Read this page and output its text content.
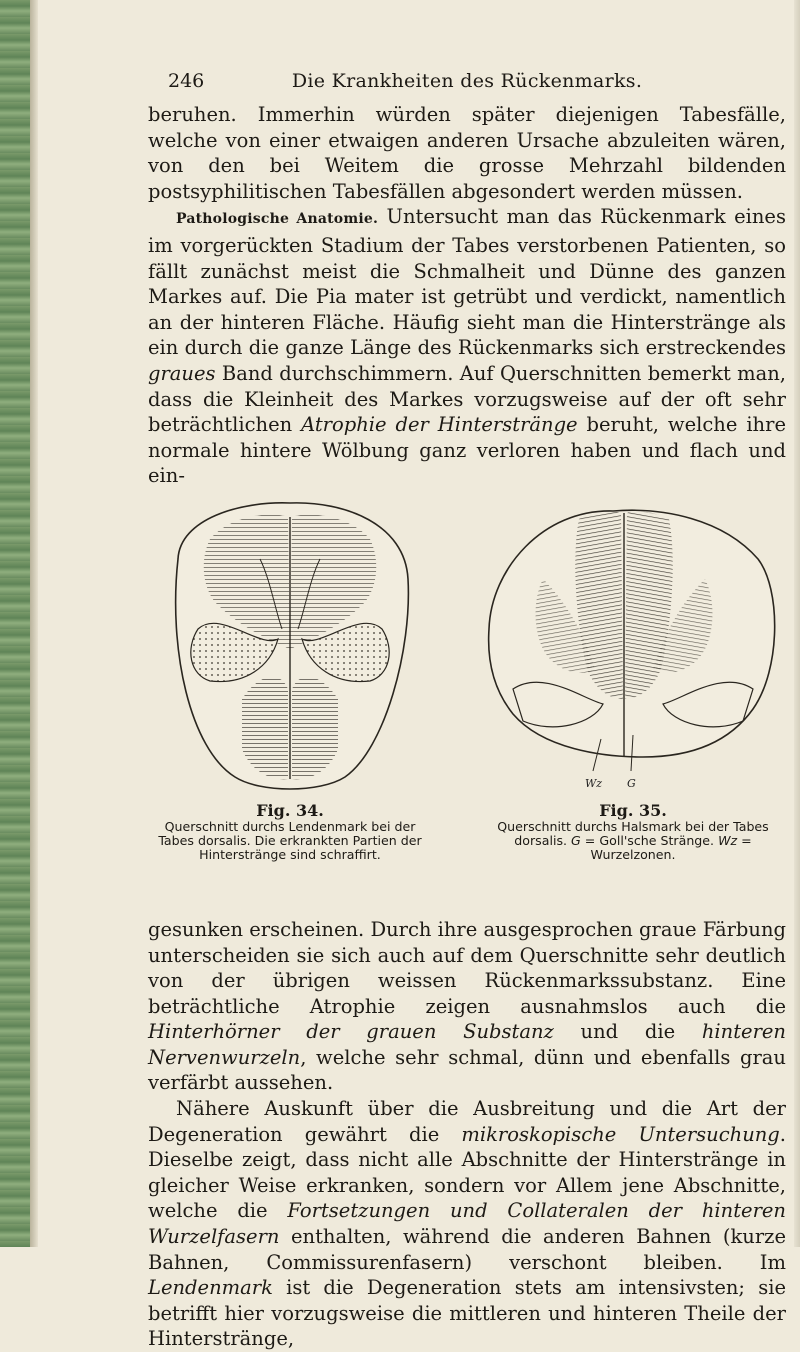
246	Die Krankheiten des Rückenmarks.

beruhen. Immerhin würden später diejenigen Tabesfälle, welche von einer etwaigen anderen Ursache abzuleiten wären, von den bei Weitem die grosse Mehrzahl bildenden postsyphilitischen Tabesfällen abgesondert werden müssen.

Pathologische Anatomie. Untersucht man das Rückenmark eines im vorgerückten Stadium der Tabes verstorbenen Patienten, so fällt zunächst meist die Schmalheit und Dünne des ganzen Markes auf. Die Pia mater ist getrübt und verdickt, namentlich an der hinteren Fläche. Häufig sieht man die Hinterstränge als ein durch die ganze Länge des Rückenmarks sich erstreckendes graues Band durchschimmern. Auf Querschnitten bemerkt man, dass die Kleinheit des Markes vorzugsweise auf der oft sehr beträchtlichen Atrophie der Hinterstränge beruht, welche ihre normale hintere Wölbung ganz verloren haben und flach und ein-

Fig. 34.
Querschnitt durchs Lendenmark bei der Tabes dorsalis. Die erkrankten Partien der Hinterstränge sind schraffirt.
Wz G
Fig. 35.
Querschnitt durchs Halsmark bei der Tabes dorsalis. G = Goll'sche Stränge. Wz = Wurzelzonen.

gesunken erscheinen. Durch ihre ausgesprochen graue Färbung unterscheiden sie sich auch auf dem Querschnitte sehr deutlich von der übrigen weissen Rückenmarkssubstanz. Eine beträchtliche Atrophie zeigen ausnahmslos auch die Hinterhörner der grauen Substanz und die hinteren Nervenwurzeln, welche sehr schmal, dünn und ebenfalls grau verfärbt aussehen.

Nähere Auskunft über die Ausbreitung und die Art der Degeneration gewährt die mikroskopische Untersuchung. Dieselbe zeigt, dass nicht alle Abschnitte der Hinterstränge in gleicher Weise erkranken, sondern vor Allem jene Abschnitte, welche die Fortsetzungen und Collateralen der hinteren Wurzelfasern enthalten, während die anderen Bahnen (kurze Bahnen, Commissurenfasern) verschont bleiben. Im Lendenmark ist die Degeneration stets am intensivsten; sie betrifft hier vorzugsweise die mittleren und hinteren Theile der Hinterstränge,
